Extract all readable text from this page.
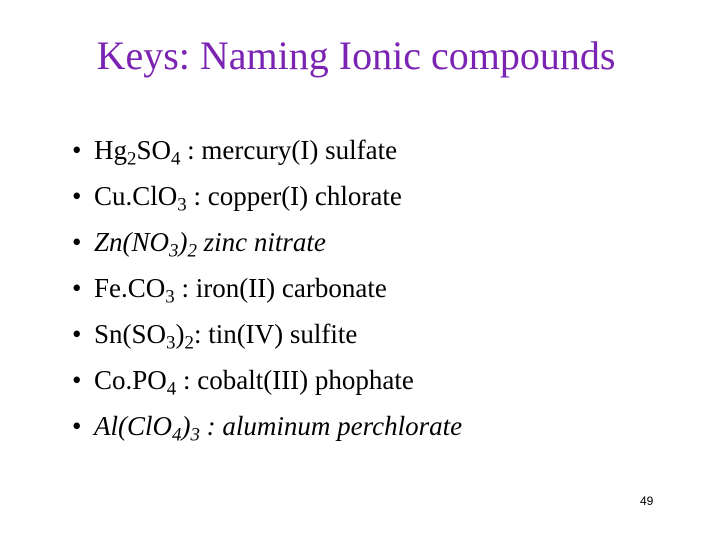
Keys: Naming Ionic compounds
• $Hg_2SO_4$ : mercury(I) sulfate
• Cu.ClO$_3$ : copper(I) chlorate
• $Zn(NO_3)_2$ zinc nitrate
• $Fe.CO_3$ : iron(II) carbonate
• $Sn(SO_3)_2$: tin(IV) sulfite
• $Co.PO_4$ : cobalt(III) phophate
• $Al(ClO_4)_3$ : aluminum perchlorate
49
